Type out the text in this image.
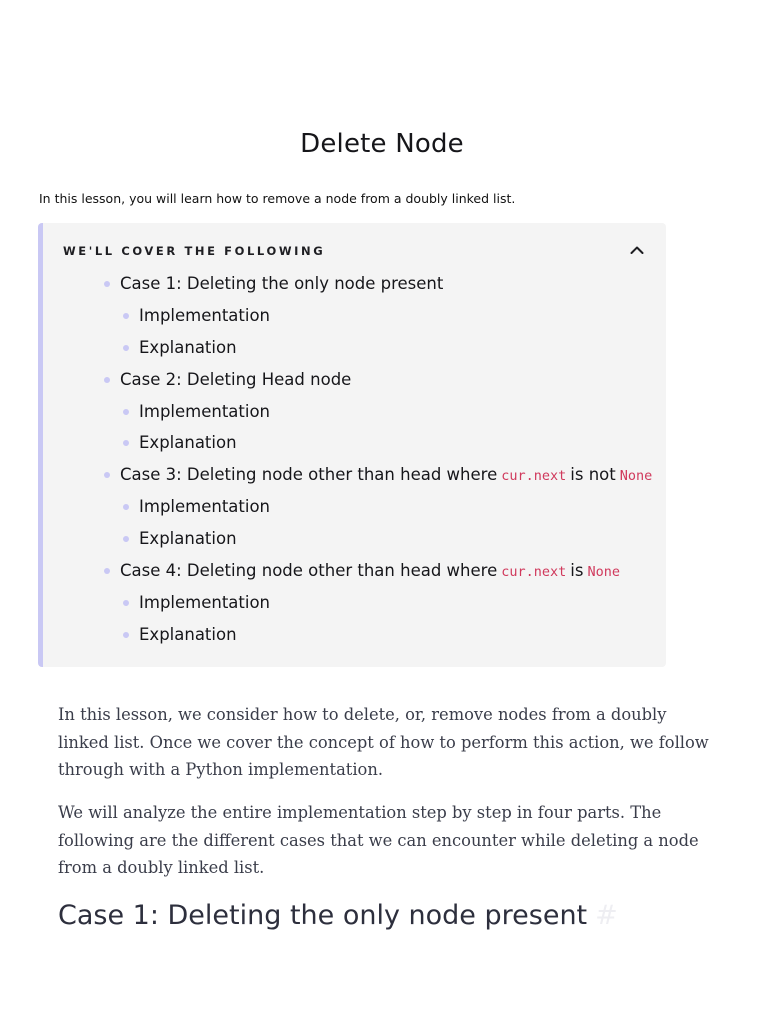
Delete Node
In this lesson, you will learn how to remove a node from a doubly linked list.
WE'LL COVER THE FOLLOWING
Case 1: Deleting the only node present
Implementation
Explanation
Case 2: Deleting Head node
Implementation
Explanation
Case 3: Deleting node other than head where cur.next is not None
Implementation
Explanation
Case 4: Deleting node other than head where cur.next is None
Implementation
Explanation

In this lesson, we consider how to delete, or, remove nodes from a doubly linked list. Once we cover the concept of how to perform this action, we follow through with a Python implementation.

We will analyze the entire implementation step by step in four parts. The following are the different cases that we can encounter while deleting a node from a doubly linked list.

Case 1: Deleting the only node present #
